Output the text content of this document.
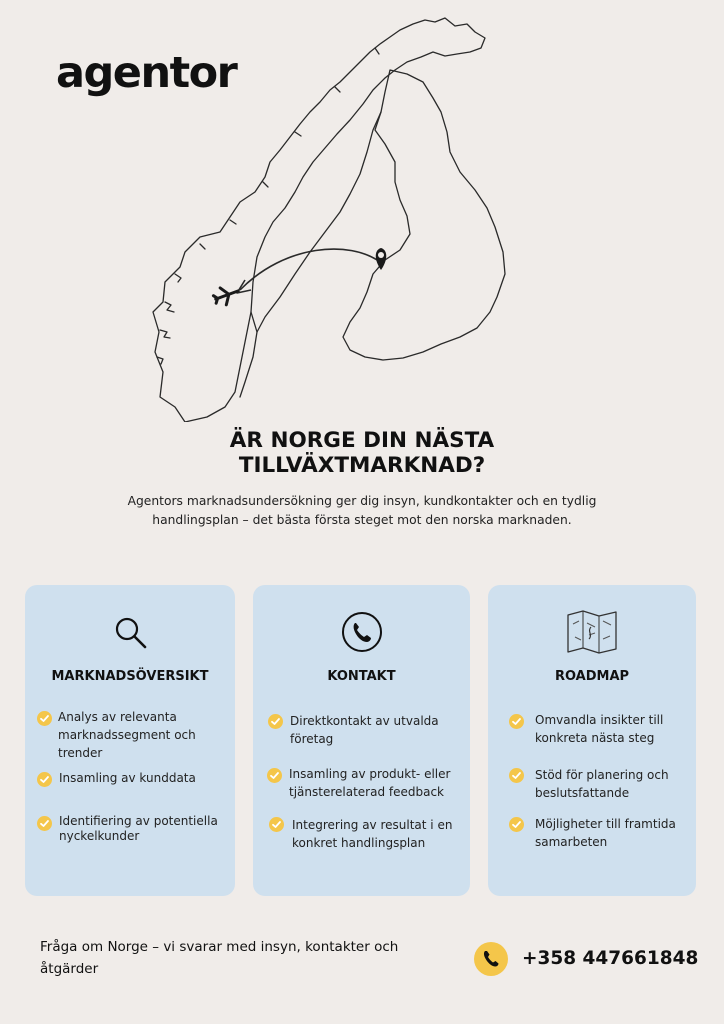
agentor
ÄR NORGE DIN NÄSTA
TILLVÄXTMARKNAD?
Agentors marknadsundersökning ger dig insyn, kundkontakter och en tydlig handlingsplan – det bästa första steget mot den norska marknaden.
MARKNADSÖVERSIKT
Analys av relevanta marknadssegment och trender
Insamling av kunddata
Identifiering av potentiella nyckelkunder
KONTAKT
Direktkontakt av utvalda företag
Insamling av produkt- eller tjänsterelaterad feedback
Integrering av resultat i en konkret handlingsplan
ROADMAP
Omvandla insikter till konkreta nästa steg
Stöd för planering och beslutsfattande
Möjligheter till framtida samarbeten
Fråga om Norge – vi svarar med insyn, kontakter och åtgärder	+358 447661848
